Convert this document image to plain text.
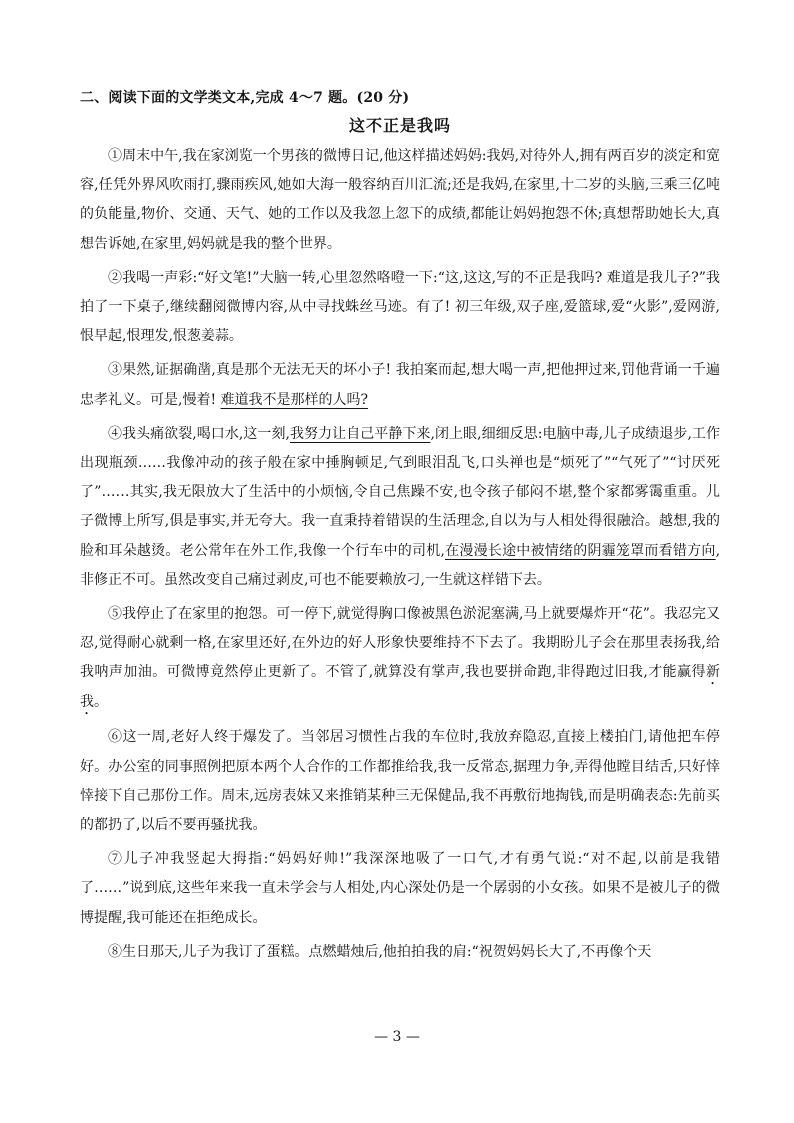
二、阅读下面的文学类文本,完成 4～7 题。(20 分)
这不正是我吗

①周末中午,我在家浏览一个男孩的微博日记,他这样描述妈妈:我妈,对待外人,拥有两百岁的淡定和宽容,任凭外界风吹雨打,骤雨疾风,她如大海一般容纳百川汇流;还是我妈,在家里,十二岁的头脑,三乘三亿吨的负能量,物价、交通、天气、她的工作以及我忽上忽下的成绩,都能让妈妈抱怨不休;真想帮助她长大,真想告诉她,在家里,妈妈就是我的整个世界。

②我喝一声彩:“好文笔!”大脑一转,心里忽然咯噔一下:“这,这这,写的不正是我吗? 难道是我儿子?”我拍了一下桌子,继续翻阅微博内容,从中寻找蛛丝马迹。有了! 初三年级,双子座,爱篮球,爱“火影”,爱网游,恨早起,恨理发,恨葱姜蒜。

③果然,证据确凿,真是那个无法无天的坏小子! 我拍案而起,想大喝一声,把他押过来,罚他背诵一千遍忠孝礼义。可是,慢着! 难道我不是那样的人吗?

④我头痛欲裂,喝口水,这一刻,我努力让自己平静下来,闭上眼,细细反思:电脑中毒,儿子成绩退步,工作出现瓶颈……我像冲动的孩子般在家中捶胸顿足,气到眼泪乱飞,口头禅也是“烦死了”“气死了”“讨厌死了”……其实,我无限放大了生活中的小烦恼,令自己焦躁不安,也令孩子郁闷不堪,整个家都雾霭重重。儿子微博上所写,俱是事实,并无夸大。我一直秉持着错误的生活理念,自以为与人相处得很融洽。越想,我的脸和耳朵越烫。老公常年在外工作,我像一个行车中的司机,在漫漫长途中被情绪的阴霾笼罩而看错方向,非修正不可。虽然改变自己痛过剥皮,可也不能要赖放刁,一生就这样错下去。

⑤我停止了在家里的抱怨。可一停下,就觉得胸口像被黑色淤泥塞满,马上就要爆炸开“花”。我忍完又忍,觉得耐心就剩一格,在家里还好,在外边的好人形象快要维持不下去了。我期盼儿子会在那里表扬我,给我呐声加油。可微博竟然停止更新了。不管了,就算没有掌声,我也要拼命跑,非得跑过旧我,才能赢得新我。

⑥这一周,老好人终于爆发了。当邻居习惯性占我的车位时,我放弃隐忍,直接上楼拍门,请他把车停好。办公室的同事照例把原本两个人合作的工作都推给我,我一反常态,据理力争,弄得他瞠目结舌,只好悻悻接下自己那份工作。周末,远房表妹又来推销某种三无保健品,我不再敷衍地掏钱,而是明确表态:先前买的都扔了,以后不要再骚扰我。

⑦儿子冲我竖起大拇指:“妈妈好帅!”我深深地吸了一口气,才有勇气说:“对不起,以前是我错了……”说到底,这些年来我一直未学会与人相处,内心深处仍是一个孱弱的小女孩。如果不是被儿子的微博提醒,我可能还在拒绝成长。

⑧生日那天,儿子为我订了蛋糕。点燃蜡烛后,他拍拍我的肩:“祝贺妈妈长大了,不再像个天

— 3 —
